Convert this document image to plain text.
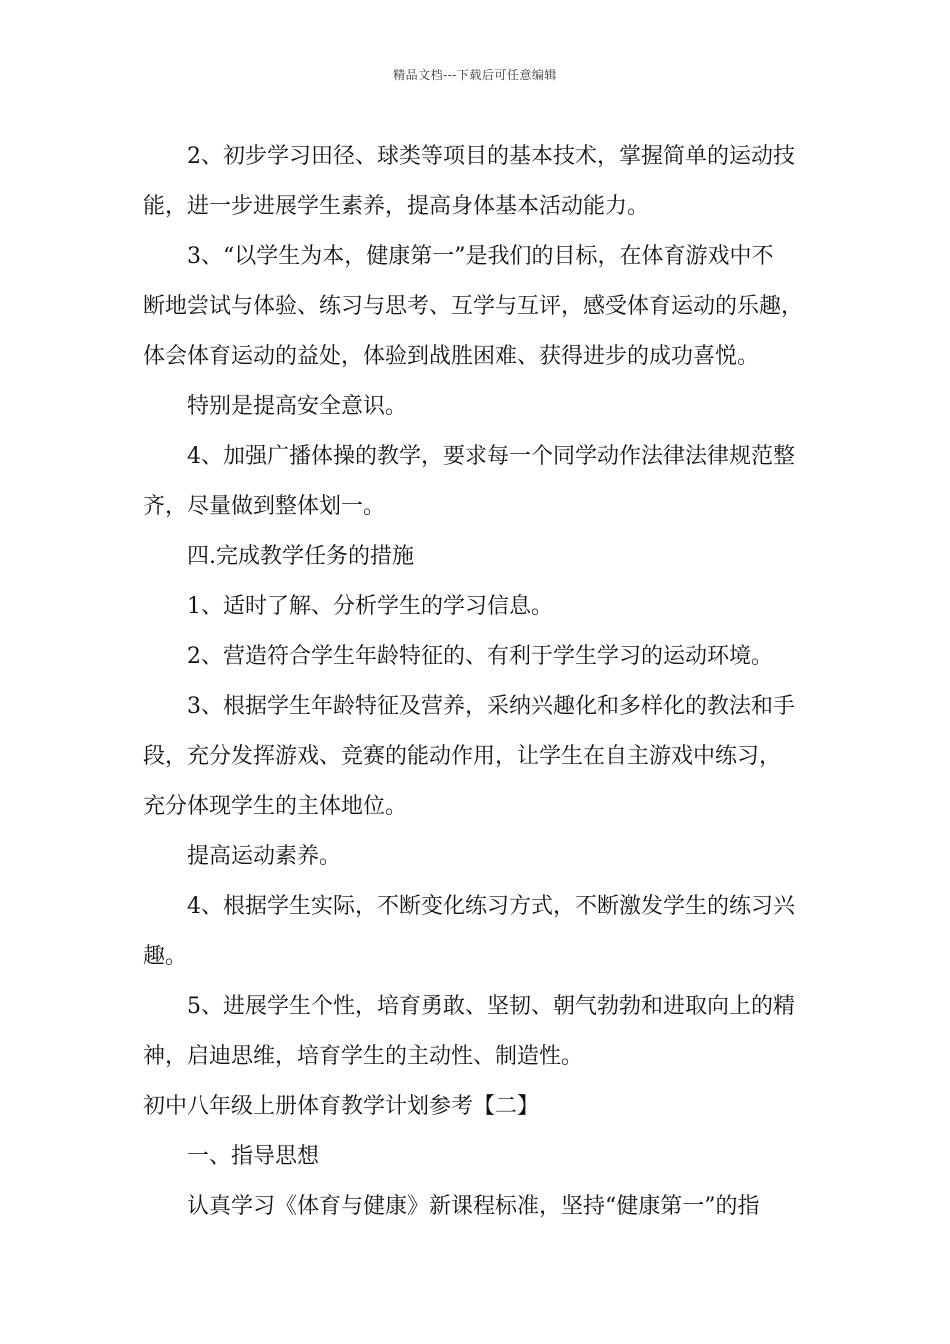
精品文档---下载后可任意编辑

2、初步学习田径、球类等项目的基本技术，掌握简单的运动技

能，进一步进展学生素养，提高身体基本活动能力。

3、“以学生为本，健康第一”是我们的目标，在体育游戏中不

断地尝试与体验、练习与思考、互学与互评，感受体育运动的乐趣，

体会体育运动的益处，体验到战胜困难、获得进步的成功喜悦。

特别是提高安全意识。

4、加强广播体操的教学，要求每一个同学动作法律法律规范整

齐，尽量做到整体划一。

四.完成教学任务的措施

1、适时了解、分析学生的学习信息。

2、营造符合学生年龄特征的、有利于学生学习的运动环境。

3、根据学生年龄特征及营养，采纳兴趣化和多样化的教法和手

段，充分发挥游戏、竞赛的能动作用，让学生在自主游戏中练习，

充分体现学生的主体地位。

提高运动素养。

4、根据学生实际，不断变化练习方式，不断激发学生的练习兴

趣。

5、进展学生个性，培育勇敢、坚韧、朝气勃勃和进取向上的精

神，启迪思维，培育学生的主动性、制造性。

初中八年级上册体育教学计划参考【二】

一、指导思想

认真学习《体育与健康》新课程标准，坚持“健康第一”的指
